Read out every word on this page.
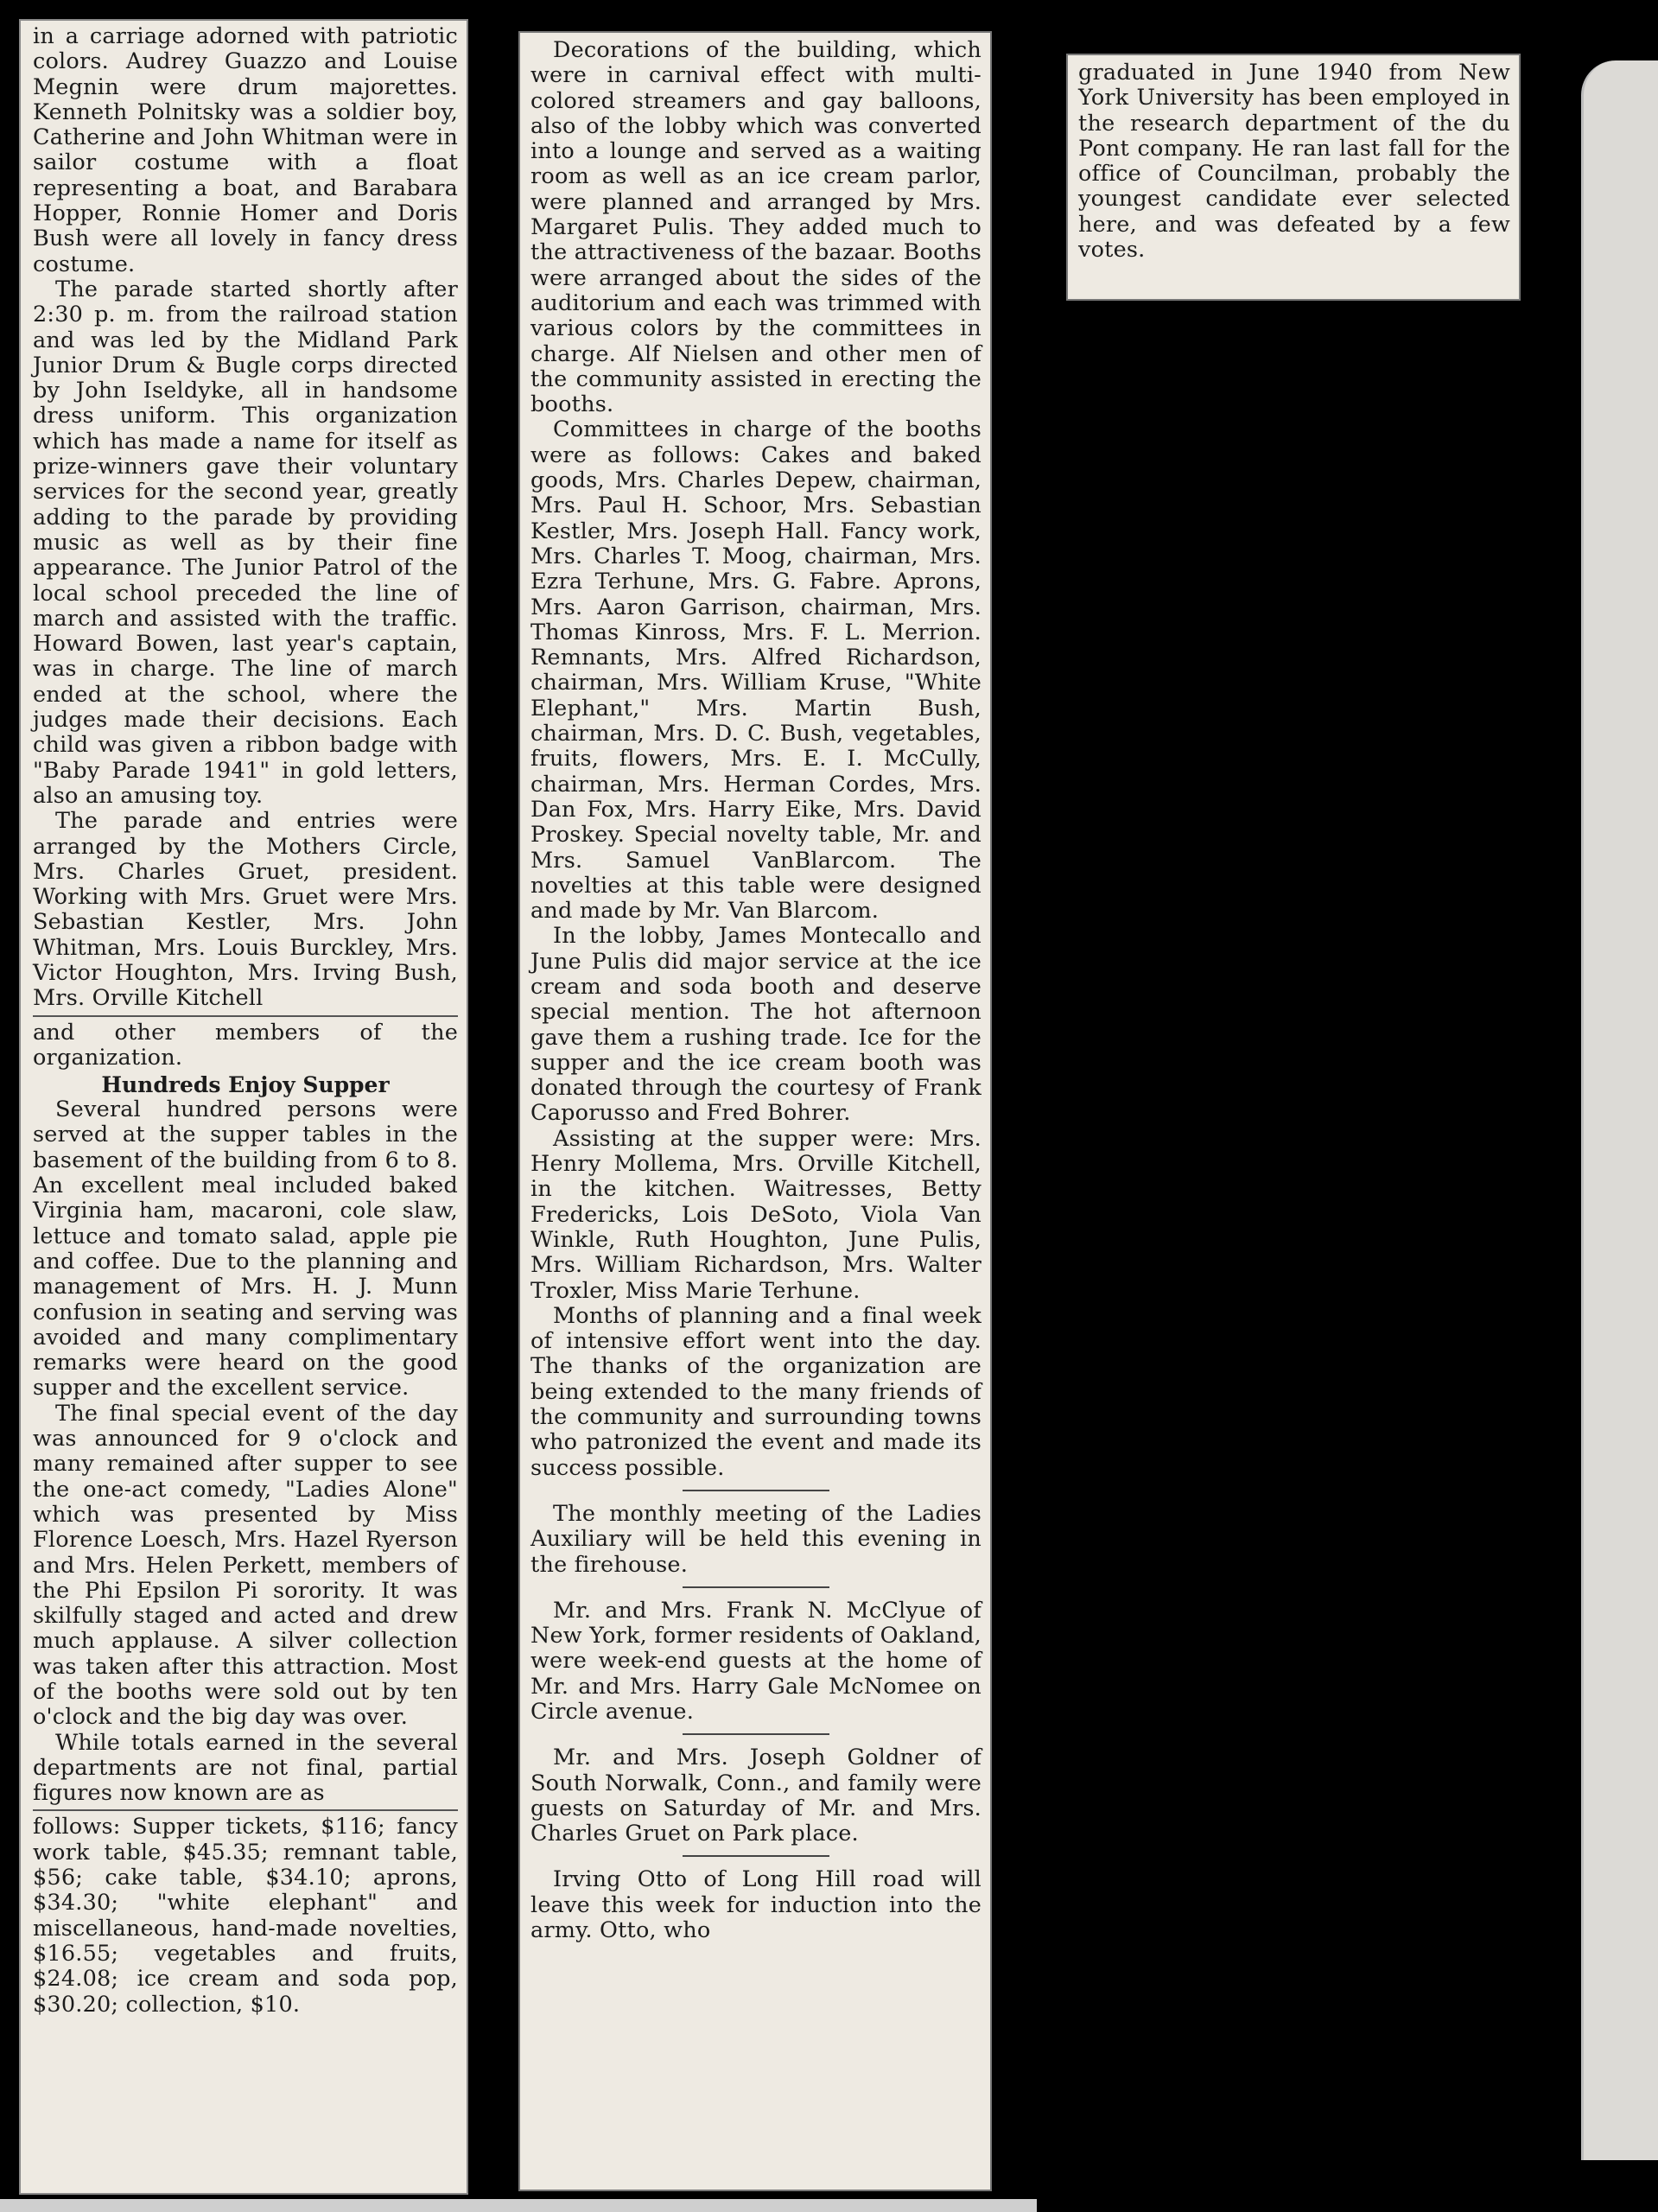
in a carriage adorned with patriotic colors. Audrey Guazzo and Louise Megnin were drum majorettes. Kenneth Polnitsky was a soldier boy, Catherine and John Whitman were in sailor costume with a float representing a boat, and Barabara Hopper, Ronnie Homer and Doris Bush were all lovely in fancy dress costume.

The parade started shortly after 2:30 p. m. from the railroad station and was led by the Midland Park Junior Drum & Bugle corps directed by John Iseldyke, all in handsome dress uniform. This organization which has made a name for itself as prize-winners gave their voluntary services for the second year, greatly adding to the parade by providing music as well as by their fine appearance. The Junior Patrol of the local school preceded the line of march and assisted with the traffic. Howard Bowen, last year's captain, was in charge. The line of march ended at the school, where the judges made their decisions. Each child was given a ribbon badge with "Baby Parade 1941" in gold letters, also an amusing toy.

The parade and entries were arranged by the Mothers Circle, Mrs. Charles Gruet, president. Working with Mrs. Gruet were Mrs. Sebastian Kestler, Mrs. John Whitman, Mrs. Louis Burckley, Mrs. Victor Houghton, Mrs. Irving Bush, Mrs. Orville Kitchell

and other members of the organization.

Hundreds Enjoy Supper

Several hundred persons were served at the supper tables in the basement of the building from 6 to 8. An excellent meal included baked Virginia ham, macaroni, cole slaw, lettuce and tomato salad, apple pie and coffee. Due to the planning and management of Mrs. H. J. Munn confusion in seating and serving was avoided and many complimentary remarks were heard on the good supper and the excellent service.

The final special event of the day was announced for 9 o'clock and many remained after supper to see the one-act comedy, "Ladies Alone" which was presented by Miss Florence Loesch, Mrs. Hazel Ryerson and Mrs. Helen Perkett, members of the Phi Epsilon Pi sorority. It was skilfully staged and acted and drew much applause. A silver collection was taken after this attraction. Most of the booths were sold out by ten o'clock and the big day was over.

While totals earned in the several departments are not final, partial figures now known are as

follows: Supper tickets, $116; fancy work table, $45.35; remnant table, $56; cake table, $34.10; aprons, $34.30; "white elephant" and miscellaneous, hand-made novelties, $16.55; vegetables and fruits, $24.08; ice cream and soda pop, $30.20; collection, $10.

Decorations of the building, which were in carnival effect with multi-colored streamers and gay balloons, also of the lobby which was converted into a lounge and served as a waiting room as well as an ice cream parlor, were planned and arranged by Mrs. Margaret Pulis. They added much to the attractiveness of the bazaar. Booths were arranged about the sides of the auditorium and each was trimmed with various colors by the committees in charge. Alf Nielsen and other men of the community assisted in erecting the booths.

Committees in charge of the booths were as follows: Cakes and baked goods, Mrs. Charles Depew, chairman, Mrs. Paul H. Schoor, Mrs. Sebastian Kestler, Mrs. Joseph Hall. Fancy work, Mrs. Charles T. Moog, chairman, Mrs. Ezra Terhune, Mrs. G. Fabre. Aprons, Mrs. Aaron Garrison, chairman, Mrs. Thomas Kinross, Mrs. F. L. Merrion. Remnants, Mrs. Alfred Richardson, chairman, Mrs. William Kruse, "White Elephant," Mrs. Martin Bush, chairman, Mrs. D. C. Bush, vegetables, fruits, flowers, Mrs. E. I. McCully, chairman, Mrs. Herman Cordes, Mrs. Dan Fox, Mrs. Harry Eike, Mrs. David Proskey. Special novelty table, Mr. and Mrs. Samuel VanBlarcom. The novelties at this table were designed and made by Mr. Van Blarcom.

In the lobby, James Montecallo and June Pulis did major service at the ice cream and soda booth and deserve special mention. The hot afternoon gave them a rushing trade. Ice for the supper and the ice cream booth was donated through the courtesy of Frank Caporusso and Fred Bohrer.

Assisting at the supper were: Mrs. Henry Mollema, Mrs. Orville Kitchell, in the kitchen. Waitresses, Betty Fredericks, Lois DeSoto, Viola Van Winkle, Ruth Houghton, June Pulis, Mrs. William Richardson, Mrs. Walter Troxler, Miss Marie Terhune.

Months of planning and a final week of intensive effort went into the day. The thanks of the organization are being extended to the many friends of the community and surrounding towns who patronized the event and made its success possible.

The monthly meeting of the Ladies Auxiliary will be held this evening in the firehouse.

Mr. and Mrs. Frank N. McClyue of New York, former residents of Oakland, were week-end guests at the home of Mr. and Mrs. Harry Gale McNomee on Circle avenue.

Mr. and Mrs. Joseph Goldner of South Norwalk, Conn., and family were guests on Saturday of Mr. and Mrs. Charles Gruet on Park place.

Irving Otto of Long Hill road will leave this week for induction into the army. Otto, who

graduated in June 1940 from New York University has been employed in the research department of the du Pont company. He ran last fall for the office of Councilman, probably the youngest candidate ever selected here, and was defeated by a few votes.
